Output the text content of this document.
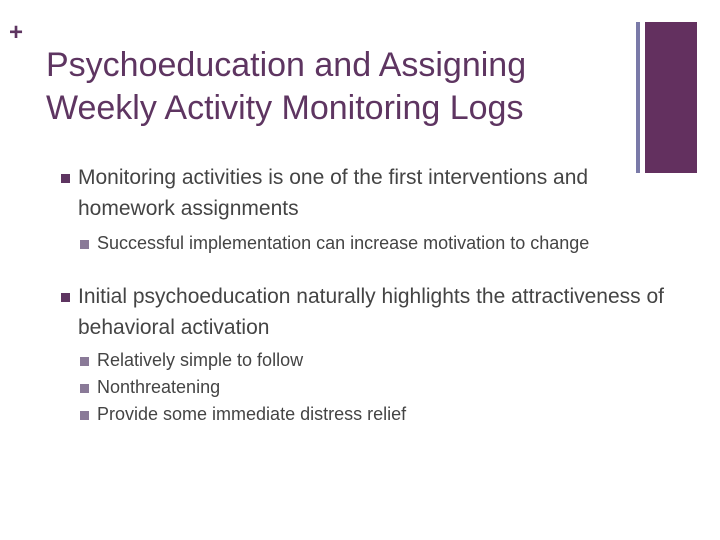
+
Psychoeducation and Assigning Weekly Activity Monitoring Logs
Monitoring activities is one of the first interventions and homework assignments
Successful implementation can increase motivation to change
Initial psychoeducation naturally highlights the attractiveness of behavioral activation
Relatively simple to follow
Nonthreatening
Provide some immediate distress relief
